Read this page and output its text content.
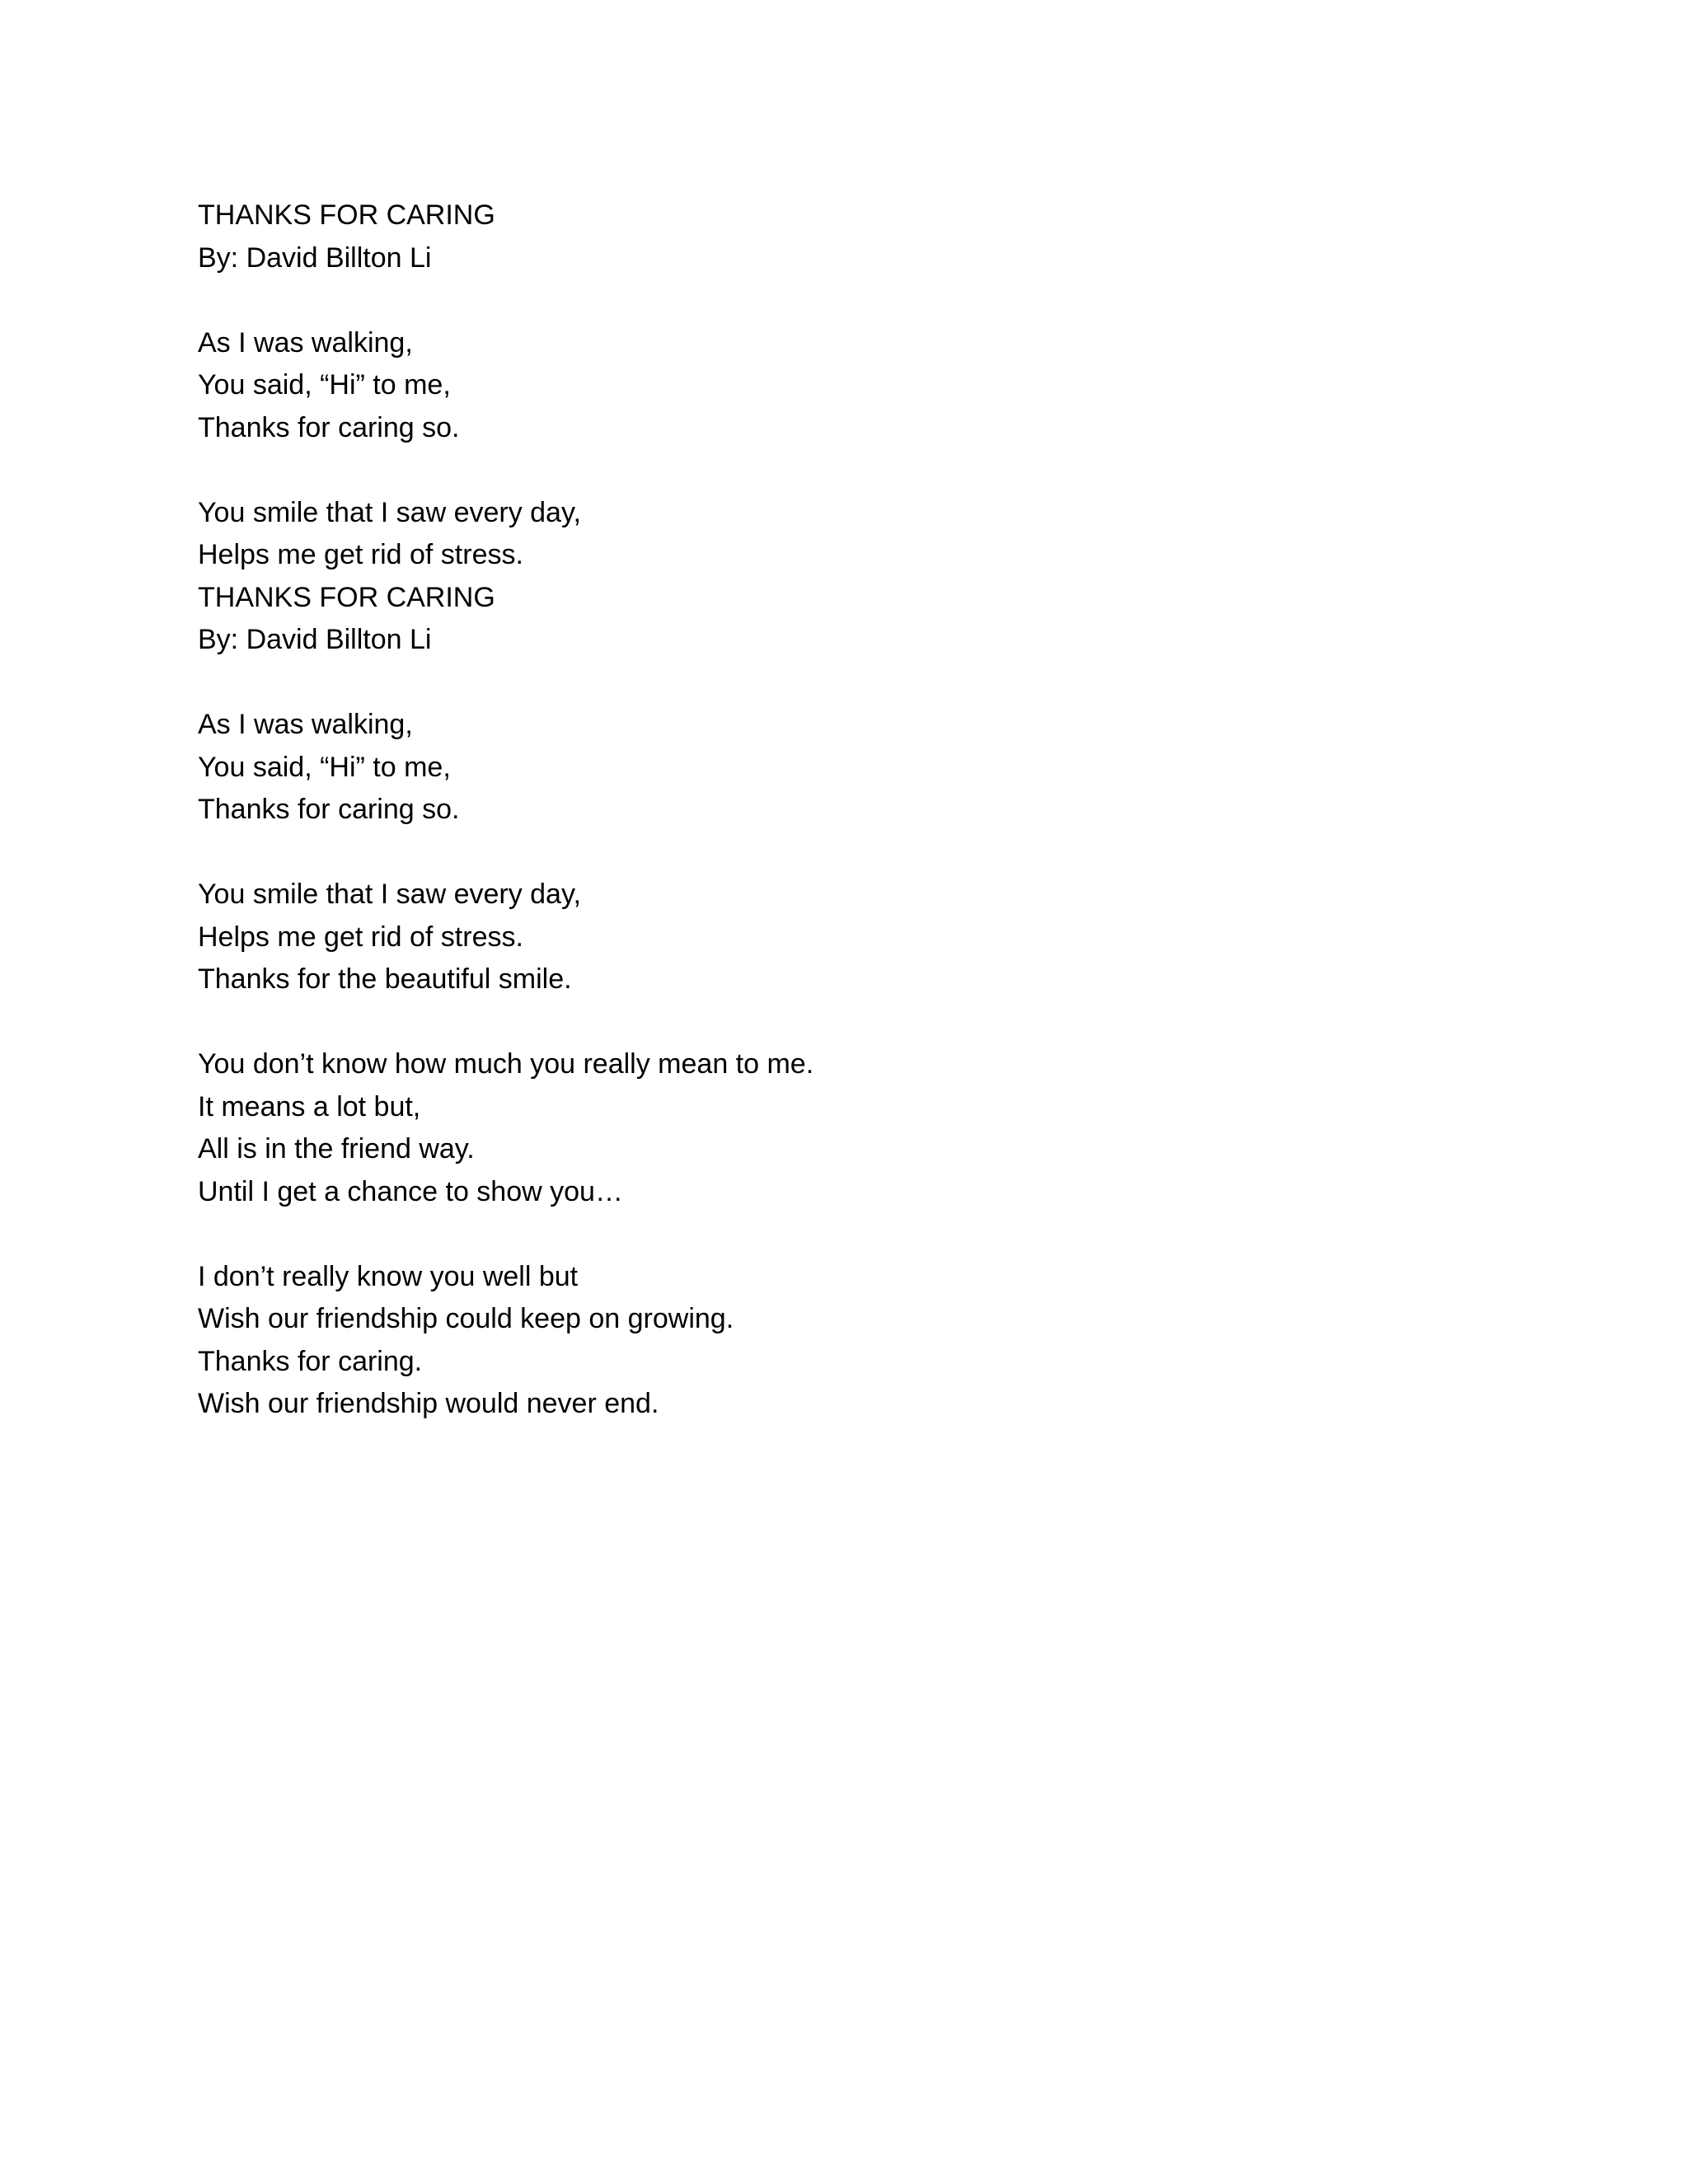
THANKS FOR CARING
By: David Billton Li
As I was walking,
You said, “Hi” to me,
Thanks for caring so.
You smile that I saw every day,
Helps me get rid of stress.
THANKS FOR CARING
By: David Billton Li
As I was walking,
You said, “Hi” to me,
Thanks for caring so.
You smile that I saw every day,
Helps me get rid of stress.
Thanks for the beautiful smile.
You don’t know how much you really mean to me.
It means a lot but,
All is in the friend way.
Until I get a chance to show you…
I don’t really know you well but
Wish our friendship could keep on growing.
Thanks for caring.
Wish our friendship would never end.
